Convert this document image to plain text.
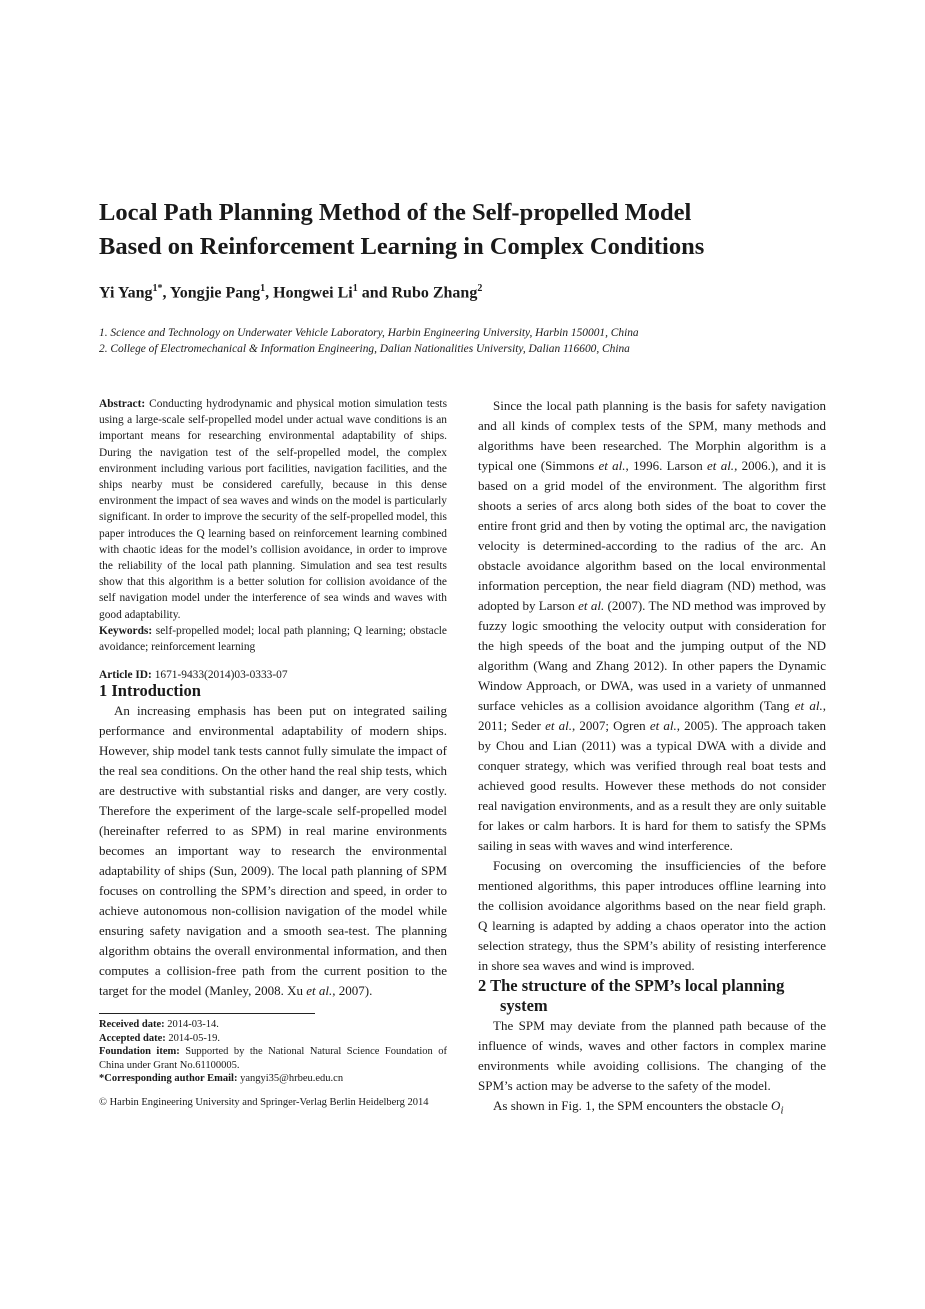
Local Path Planning Method of the Self-propelled Model
Based on Reinforcement Learning in Complex Conditions

Yi Yang$^{1*}$, Yongjie Pang$^1$, Hongwei Li$^1$ and Rubo Zhang$^2$

1. Science and Technology on Underwater Vehicle Laboratory, Harbin Engineering University, Harbin 150001, China
2. College of Electromechanical & Information Engineering, Dalian Nationalities University, Dalian 116600, China

Abstract: Conducting hydrodynamic and physical motion simulation tests using a large-scale self-propelled model under actual wave conditions is an important means for researching environmental adaptability of ships. During the navigation test of the self-propelled model, the complex environment including various port facilities, navigation facilities, and the ships nearby must be considered carefully, because in this dense environment the impact of sea waves and winds on the model is particularly significant. In order to improve the security of the self-propelled model, this paper introduces the Q learning based on reinforcement learning combined with chaotic ideas for the model’s collision avoidance, in order to improve the reliability of the local path planning. Simulation and sea test results show that this algorithm is a better solution for collision avoidance of the self navigation model under the interference of sea winds and waves with good adaptability.

Keywords: self-propelled model; local path planning; Q learning; obstacle avoidance; reinforcement learning

Article ID: 1671-9433(2014)03-0333-07

1 Introduction

An increasing emphasis has been put on integrated sailing performance and environmental adaptability of modern ships. However, ship model tank tests cannot fully simulate the impact of the real sea conditions. On the other hand the real ship tests, which are destructive with substantial risks and danger, are very costly. Therefore the experiment of the large-scale self-propelled model (hereinafter referred to as SPM) in real marine environments becomes an important way to research the environmental adaptability of ships (Sun, 2009). The local path planning of SPM focuses on controlling the SPM’s direction and speed, in order to achieve autonomous non-collision navigation of the model while ensuring safety navigation and a smooth sea-test. The planning algorithm obtains the overall environmental information, and then computes a collision-free path from the current position to the target for the model (Manley, 2008. Xu et al., 2007).

Received date: 2014-03-14.

Accepted date: 2014-05-19.

Foundation item: Supported by the National Natural Science Foundation of China under Grant No.61100005.

*Corresponding author Email: yangyi35@hrbeu.edu.cn

© Harbin Engineering University and Springer-Verlag Berlin Heidelberg 2014

Since the local path planning is the basis for safety navigation and all kinds of complex tests of the SPM, many methods and algorithms have been researched. The Morphin algorithm is a typical one (Simmons et al., 1996. Larson et al., 2006.), and it is based on a grid model of the environment. The algorithm first shoots a series of arcs along both sides of the boat to cover the entire front grid and then by voting the optimal arc, the navigation velocity is determined-according to the radius of the arc. An obstacle avoidance algorithm based on the local environmental information perception, the near field diagram (ND) method, was adopted by Larson et al. (2007). The ND method was improved by fuzzy logic smoothing the velocity output with consideration for the high speeds of the boat and the jumping output of the ND algorithm (Wang and Zhang 2012). In other papers the Dynamic Window Approach, or DWA, was used in a variety of unmanned surface vehicles as a collision avoidance algorithm (Tang et al., 2011; Seder et al., 2007; Ogren et al., 2005). The approach taken by Chou and Lian (2011) was a typical DWA with a divide and conquer strategy, which was verified through real boat tests and achieved good results. However these methods do not consider real navigation environments, and as a result they are only suitable for lakes or calm harbors. It is hard for them to satisfy the SPMs sailing in seas with waves and wind interference.

Focusing on overcoming the insufficiencies of the before mentioned algorithms, this paper introduces offline learning into the collision avoidance algorithms based on the near field graph. Q learning is adapted by adding a chaos operator into the action selection strategy, thus the SPM’s ability of resisting interference in shore sea waves and wind is improved.

2 The structure of the SPM’s local planning
system

The SPM may deviate from the planned path because of the influence of winds, waves and other factors in complex marine environments while avoiding collisions. The changing of the SPM’s action may be adverse to the safety of the model.

As shown in Fig. 1, the SPM encounters the obstacle $O_i$
